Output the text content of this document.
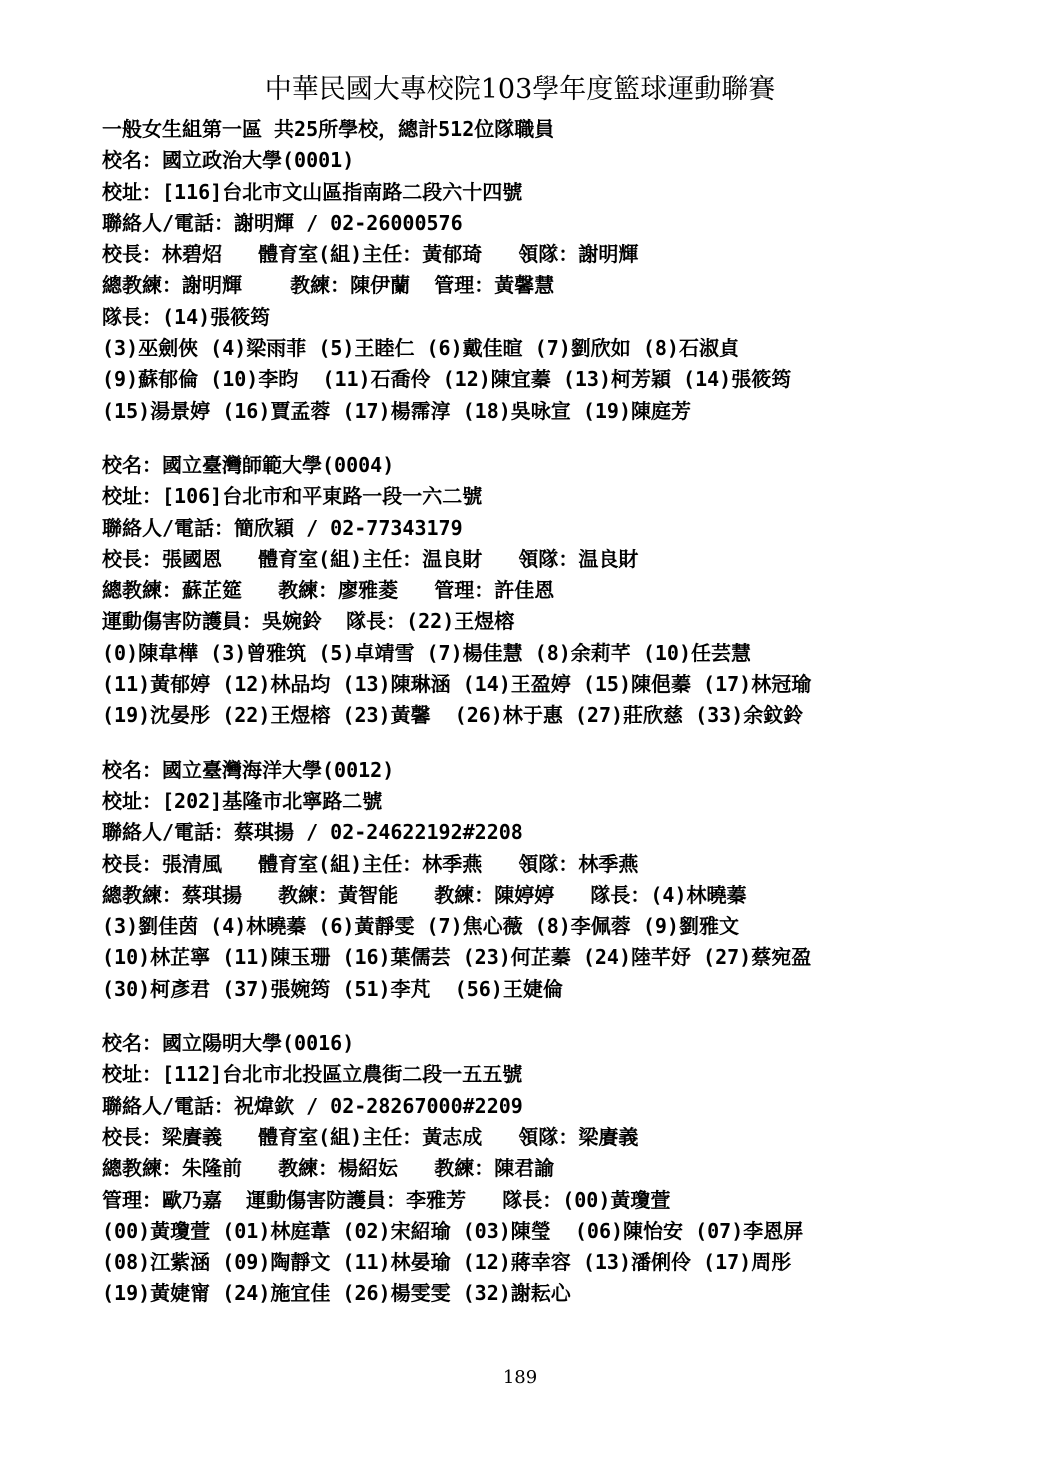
中華民國大專校院103學年度籃球運動聯賽
一般女生組第一區 共25所學校，總計512位隊職員
校名：國立政治大學(0001)
校址：[116]台北市文山區指南路二段六十四號
聯絡人/電話：謝明輝 / 02-26000576
校長：林碧炤   體育室(組)主任：黃郁琦   領隊：謝明輝
總教練：謝明輝    教練：陳伊蘭  管理：黃馨慧
隊長：(14)張筱筠
(3)巫劍俠 (4)梁雨菲 (5)王睦仁 (6)戴佳暄 (7)劉欣如 (8)石淑貞
(9)蘇郁倫 (10)李昀  (11)石喬伶 (12)陳宜蓁 (13)柯芳穎 (14)張筱筠
(15)湯景婷 (16)賈孟蓉 (17)楊霈淳 (18)吳咏宣 (19)陳庭芳
校名：國立臺灣師範大學(0004)
校址：[106]台北市和平東路一段一六二號
聯絡人/電話：簡欣穎 / 02-77343179
校長：張國恩   體育室(組)主任：温良財   領隊：温良財
總教練：蘇芷筵   教練：廖雅菱   管理：許佳恩
運動傷害防護員：吳婉鈴  隊長：(22)王煜榕
(0)陳韋樺 (3)曾雅筑 (5)卓靖雪 (7)楊佳慧 (8)余莉芊 (10)任芸慧
(11)黃郁婷 (12)林品均 (13)陳琳涵 (14)王盈婷 (15)陳俋蓁 (17)林冠瑜
(19)沈晏彤 (22)王煜榕 (23)黃馨  (26)林于惠 (27)莊欣慈 (33)余鈫鈴
校名：國立臺灣海洋大學(0012)
校址：[202]基隆市北寧路二號
聯絡人/電話：蔡琪揚 / 02-24622192#2208
校長：張清風   體育室(組)主任：林季燕   領隊：林季燕
總教練：蔡琪揚   教練：黃智能   教練：陳婷婷   隊長：(4)林曉蓁
(3)劉佳茵 (4)林曉蓁 (6)黃靜雯 (7)焦心薇 (8)李佩蓉 (9)劉雅文
(10)林芷寧 (11)陳玉珊 (16)葉儒芸 (23)何芷蓁 (24)陸芊妤 (27)蔡宛盈
(30)柯彥君 (37)張婉筠 (51)李芃  (56)王婕倫
校名：國立陽明大學(0016)
校址：[112]台北市北投區立農街二段一五五號
聯絡人/電話：祝煒欽 / 02-28267000#2209
校長：梁賡義   體育室(組)主任：黃志成   領隊：梁賡義
總教練：朱隆前   教練：楊紹妘   教練：陳君諭
管理：歐乃嘉  運動傷害防護員：李雅芳   隊長：(00)黃瓊萱
(00)黃瓊萱 (01)林庭葦 (02)宋紹瑜 (03)陳瑩  (06)陳怡安 (07)李恩屏
(08)江紫涵 (09)陶靜文 (11)林晏瑜 (12)蔣幸容 (13)潘俐伶 (17)周彤
(19)黃婕甯 (24)施宜佳 (26)楊雯雯 (32)謝耘心
189
